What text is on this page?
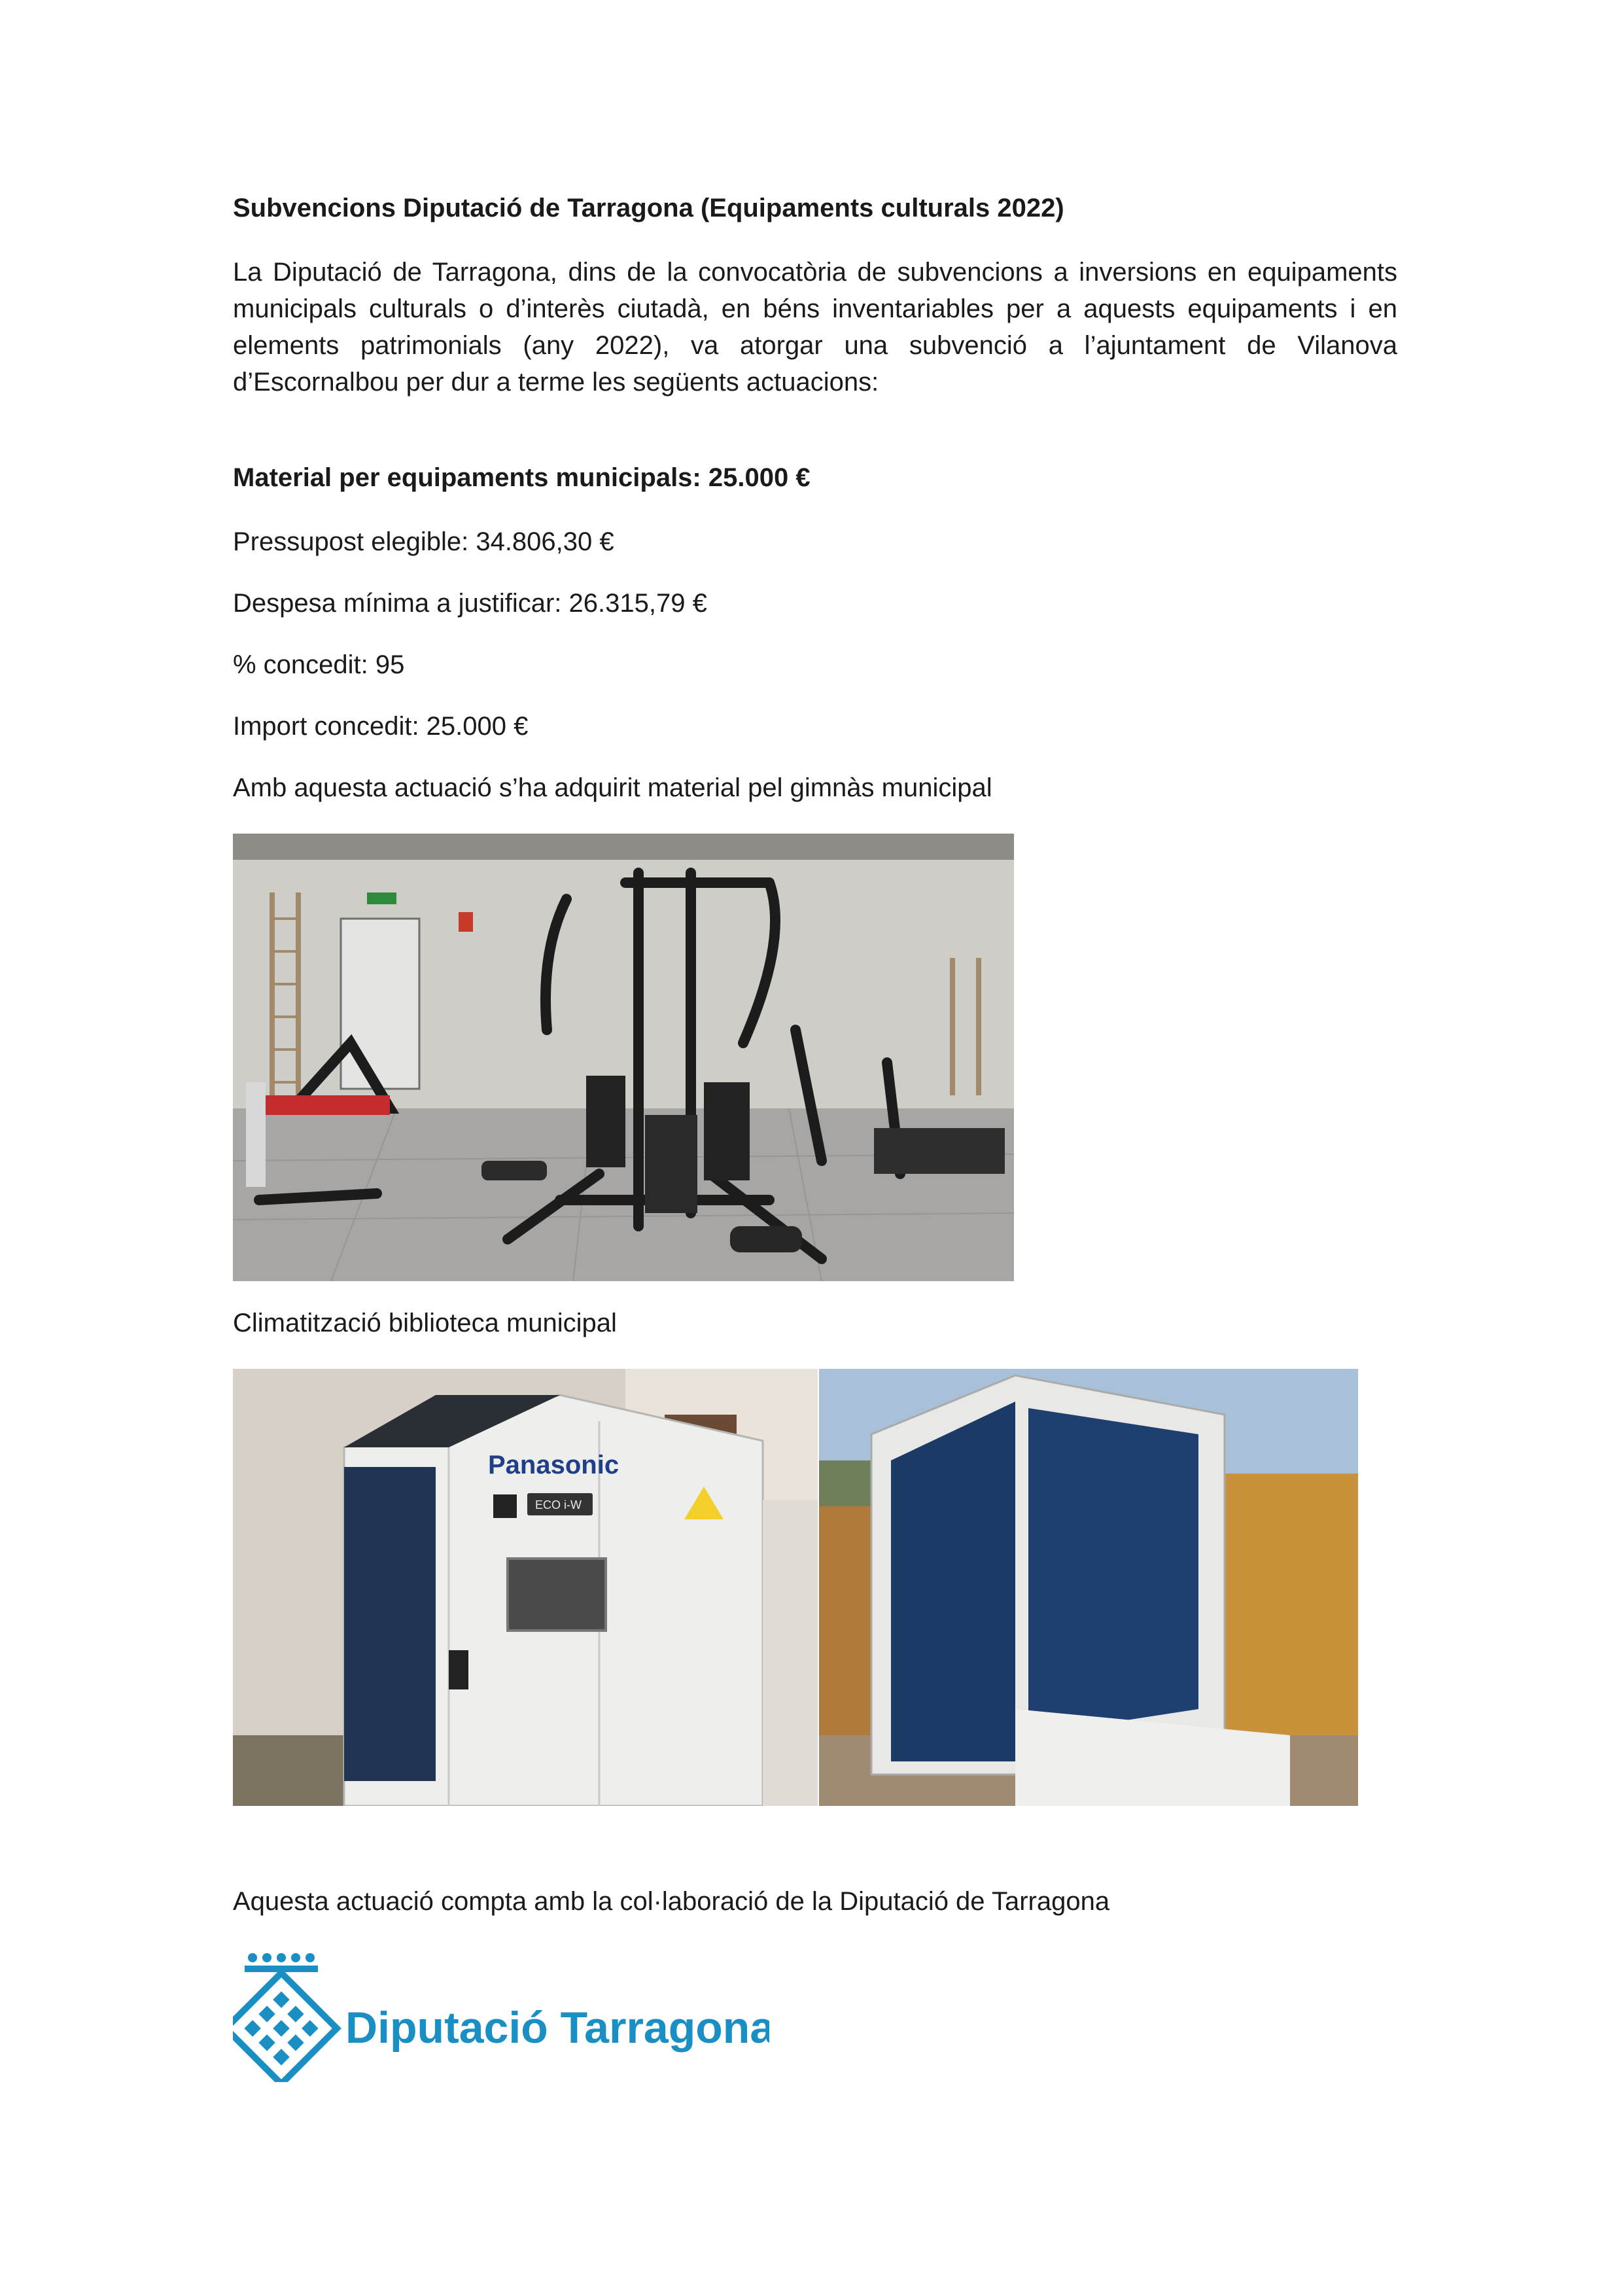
Subvencions Diputació de Tarragona (Equipaments culturals 2022)
La Diputació de Tarragona, dins de la convocatòria de subvencions a inversions en equipaments municipals culturals o d’interès ciutadà, en béns inventariables per a aquests equipaments i en elements patrimonials (any 2022), va atorgar una subvenció a l’ajuntament de Vilanova d’Escornalbou per dur a terme les següents actuacions:
Material per equipaments municipals: 25.000 €
Pressupost elegible: 34.806,30 €
Despesa mínima a justificar: 26.315,79 €
% concedit: 95
Import concedit: 25.000 €
Amb aquesta actuació s’ha adquirit material pel gimnàs municipal
Climatització biblioteca municipal
Panasonic
ECO i-W
Aquesta actuació compta amb la col·laboració de la Diputació de Tarragona
Diputació Tarragona
